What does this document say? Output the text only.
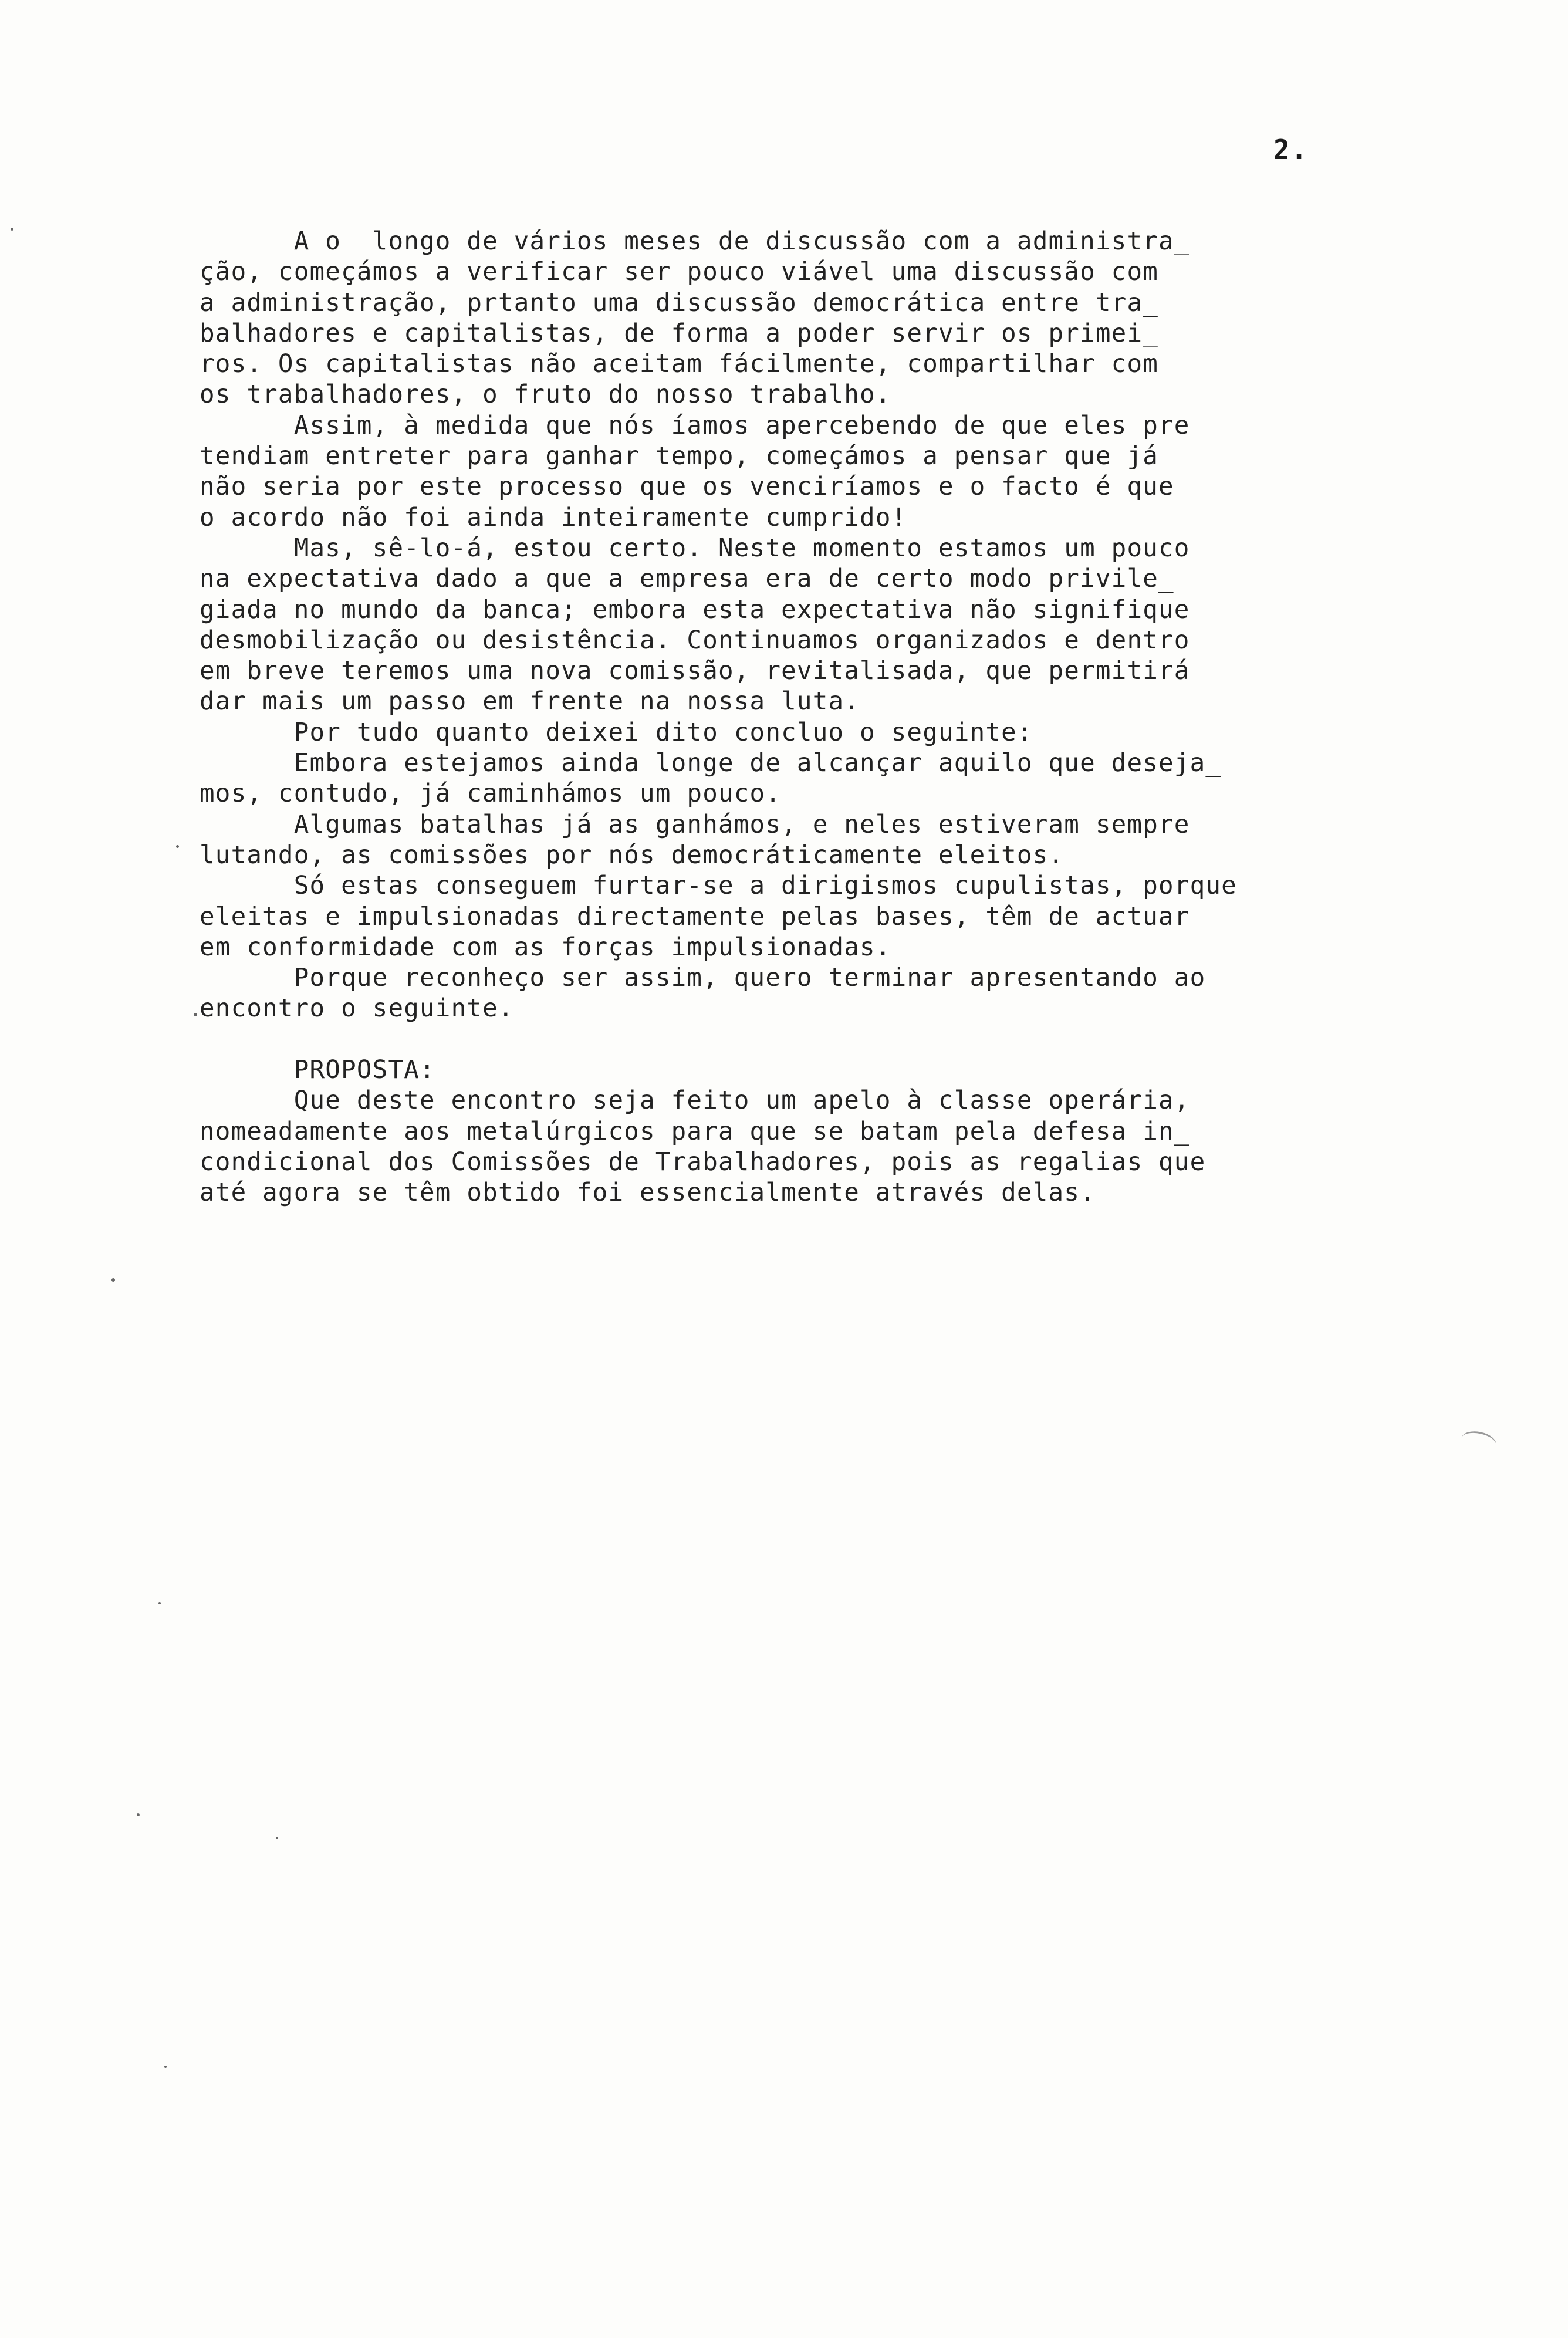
2.
A o  longo de vários meses de discussão com a administra_
ção, começámos a verificar ser pouco viável uma discussão com
a administração, prtanto uma discussão democrática entre tra_
balhadores e capitalistas, de forma a poder servir os primei_
ros. Os capitalistas não aceitam fácilmente, compartilhar com
os trabalhadores, o fruto do nosso trabalho.
Assim, à medida que nós íamos apercebendo de que eles pre
tendiam entreter para ganhar tempo, começámos a pensar que já
não seria por este processo que os venciríamos e o facto é que
o acordo não foi ainda inteiramente cumprido!
Mas, sê-lo-á, estou certo. Neste momento estamos um pouco
na expectativa dado a que a empresa era de certo modo privile_
giada no mundo da banca; embora esta expectativa não signifique
desmobilização ou desistência. Continuamos organizados e dentro
em breve teremos uma nova comissão, revitalisada, que permitirá
dar mais um passo em frente na nossa luta.
Por tudo quanto deixei dito concluo o seguinte:
Embora estejamos ainda longe de alcançar aquilo que deseja_
mos, contudo, já caminhámos um pouco.
Algumas batalhas já as ganhámos, e neles estiveram sempre
lutando, as comissões por nós democráticamente eleitos.
Só estas conseguem furtar-se a dirigismos cupulistas, porque
eleitas e impulsionadas directamente pelas bases, têm de actuar
em conformidade com as forças impulsionadas.
Porque reconheço ser assim, quero terminar apresentando ao
encontro o seguinte.
PROPOSTA:
Que deste encontro seja feito um apelo à classe operária,
nomeadamente aos metalúrgicos para que se batam pela defesa in_
condicional dos Comissões de Trabalhadores, pois as regalias que
até agora se têm obtido foi essencialmente através delas.
